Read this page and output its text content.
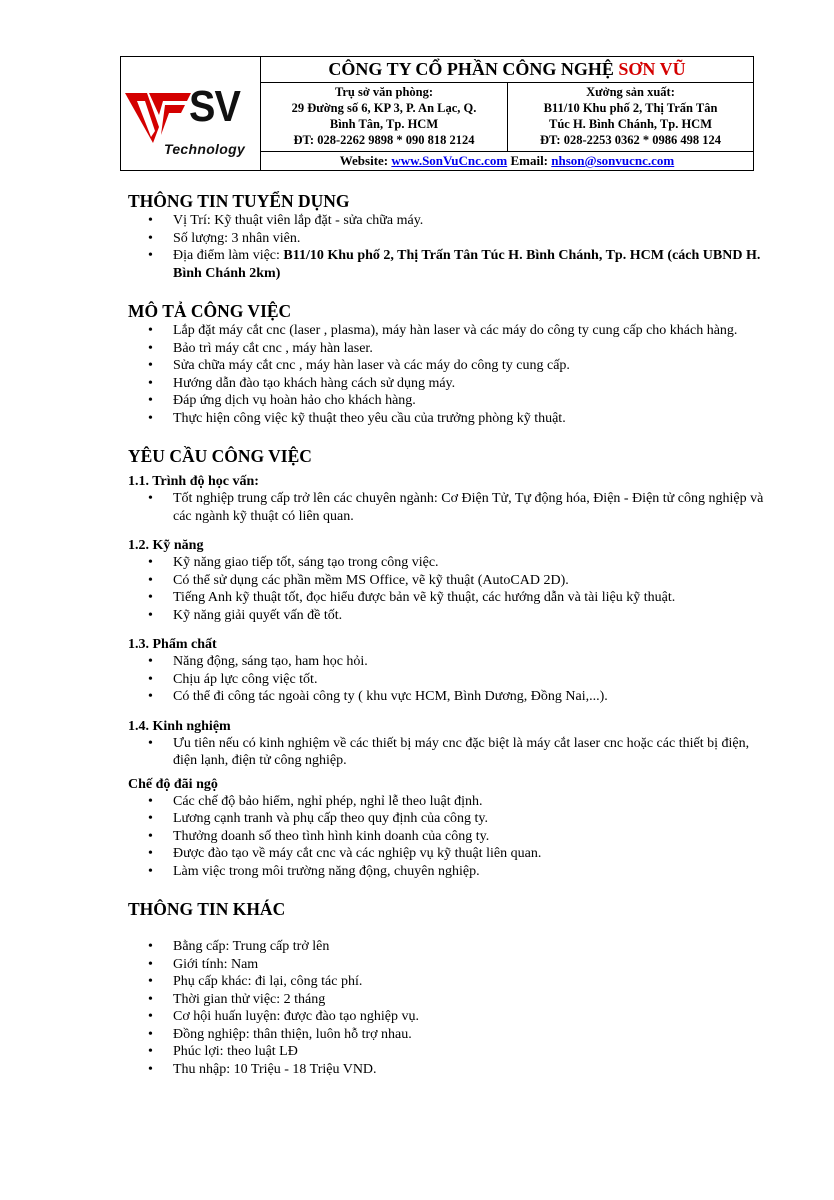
SV
Technology
CÔNG TY CỔ PHẦN CÔNG NGHỆ SƠN VŨ
Trụ sở văn phòng:
29 Đường số 6, KP 3, P. An Lạc, Q.
Bình Tân, Tp. HCM
ĐT: 028-2262 9898 * 090 818 2124
Xưởng sản xuất:
B11/10 Khu phố 2, Thị Trấn Tân
Túc H. Bình Chánh, Tp. HCM
ĐT: 028-2253 0362 * 0986 498 124
Website: www.SonVuCnc.com Email: nhson@sonvucnc.com
THÔNG TIN TUYỂN DỤNG
• Vị Trí: Kỹ thuật viên lắp đặt - sửa chữa máy.
• Số lượng: 3 nhân viên.
• Địa điểm làm việc: B11/10 Khu phố 2, Thị Trấn Tân Túc H. Bình Chánh, Tp. HCM (cách UBND H. Bình Chánh 2km)
MÔ TẢ CÔNG VIỆC
• Lắp đặt máy cắt cnc (laser , plasma), máy hàn laser và các máy do công ty cung cấp cho khách hàng.
• Bảo trì máy cắt cnc , máy hàn laser.
• Sửa chữa máy cắt cnc , máy hàn laser và các máy do công ty cung cấp.
• Hướng dẫn đào tạo khách hàng cách sử dụng máy.
• Đáp ứng dịch vụ hoàn hảo cho khách hàng.
• Thực hiện công việc kỹ thuật theo yêu cầu của trưởng phòng kỹ thuật.
YÊU CẦU CÔNG VIỆC
1.1. Trình độ học vấn:
• Tốt nghiệp trung cấp trở lên các chuyên ngành: Cơ Điện Tử, Tự động hóa, Điện - Điện tử công nghiệp và các ngành kỹ thuật có liên quan.
1.2. Kỹ năng
• Kỹ năng giao tiếp tốt, sáng tạo trong công việc.
• Có thể sử dụng các phần mềm MS Office, vẽ kỹ thuật (AutoCAD 2D).
• Tiếng Anh kỹ thuật tốt, đọc hiểu được bản vẽ kỹ thuật, các hướng dẫn và tài liệu kỹ thuật.
• Kỹ năng giải quyết vấn đề tốt.
1.3. Phẩm chất
• Năng động, sáng tạo, ham học hỏi.
• Chịu áp lực công việc tốt.
• Có thể đi công tác ngoài công ty ( khu vực HCM, Bình Dương, Đồng Nai,...).
1.4. Kinh nghiệm
• Ưu tiên nếu có kinh nghiệm về các thiết bị máy cnc đặc biệt là máy cắt laser cnc hoặc các thiết bị điện, điện lạnh, điện tử công nghiệp.
Chế độ đãi ngộ
• Các chế độ bảo hiểm, nghỉ phép, nghỉ lễ theo luật định.
• Lương cạnh tranh và phụ cấp theo quy định của công ty.
• Thưởng doanh số theo tình hình kinh doanh của công ty.
• Được đào tạo về máy cắt cnc và các nghiệp vụ kỹ thuật liên quan.
• Làm việc trong môi trường năng động, chuyên nghiệp.
THÔNG TIN KHÁC
• Bằng cấp: Trung cấp trở lên
• Giới tính: Nam
• Phụ cấp khác: đi lại, công tác phí.
• Thời gian thử việc: 2 tháng
• Cơ hội huấn luyện: được đào tạo nghiệp vụ.
• Đồng nghiệp: thân thiện, luôn hỗ trợ nhau.
• Phúc lợi: theo luật LĐ
• Thu nhập: 10 Triệu - 18 Triệu VND.
